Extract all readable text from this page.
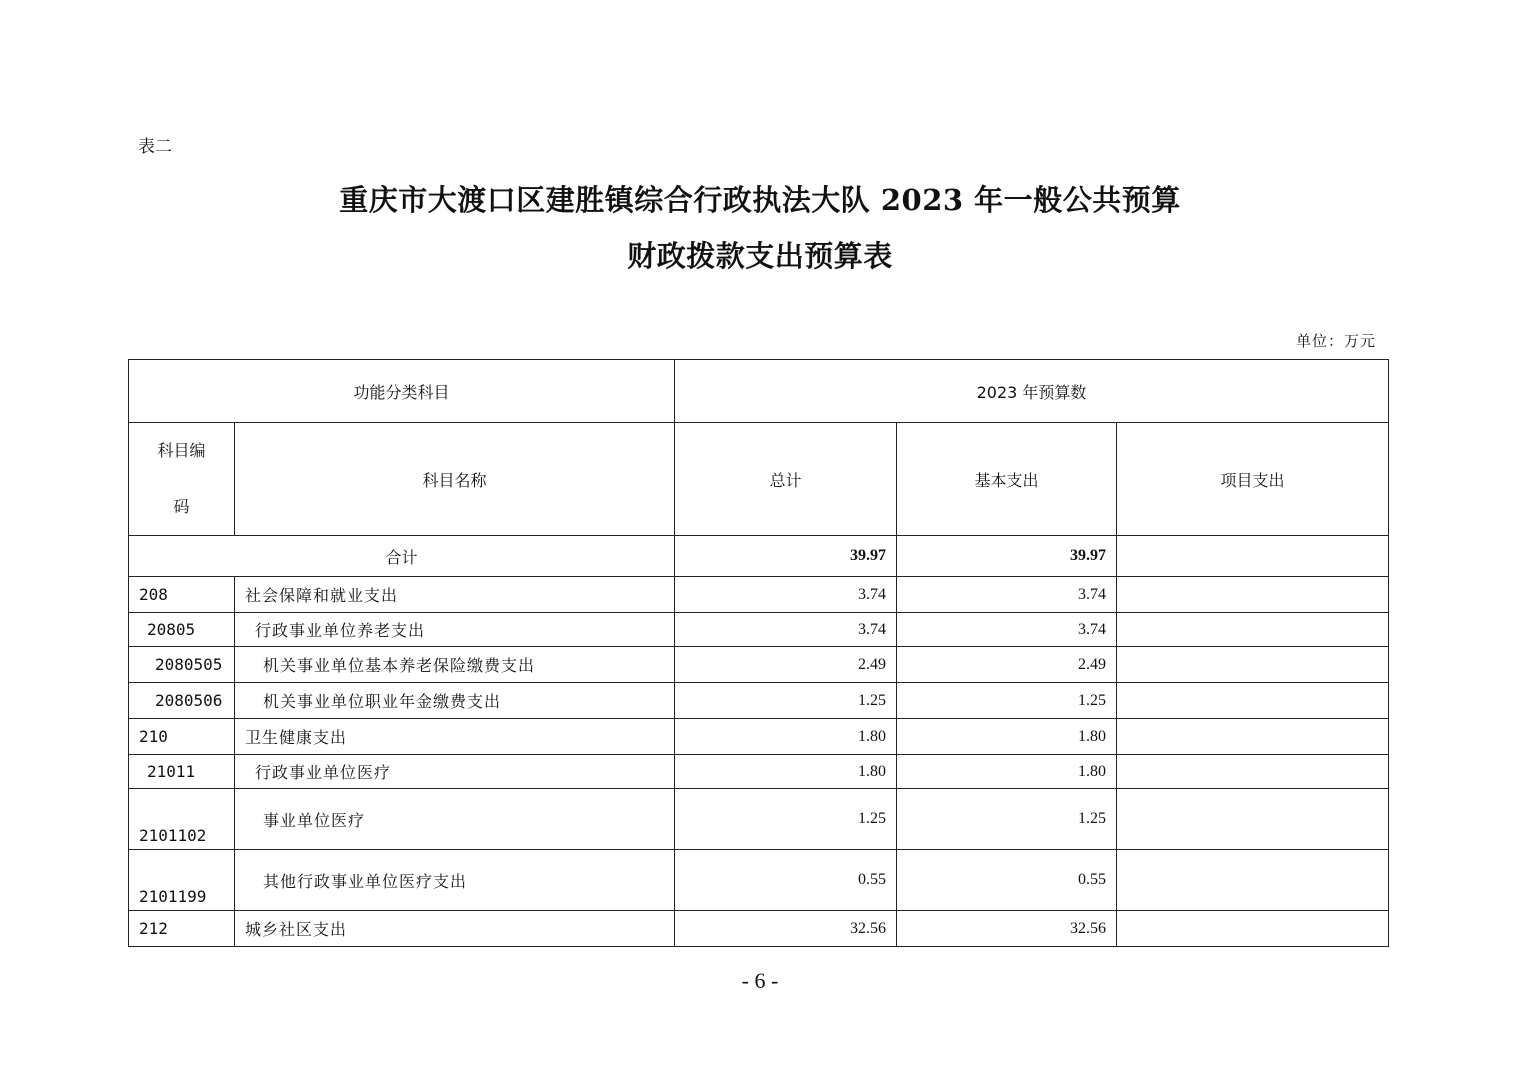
表二
重庆市大渡口区建胜镇综合行政执法大队 2023 年一般公共预算
财政拨款支出预算表
单位：万元
功能分类科目		2023 年预算数		

科目编
码	科目名称	总计	基本支出	项目支出
合计		39.97	39.97	
208	社会保障和就业支出	3.74	3.74	
20805	行政事业单位养老支出	3.74	3.74	
2080505	机关事业单位基本养老保险缴费支出	2.49	2.49	
2080506	机关事业单位职业年金缴费支出	1.25	1.25	
210	卫生健康支出	1.80	1.80	
21011	行政事业单位医疗	1.80	1.80	
2101102	事业单位医疗	1.25	1.25	
2101199	其他行政事业单位医疗支出	0.55	0.55	
212	城乡社区支出	32.56	32.56	
- 6 -
